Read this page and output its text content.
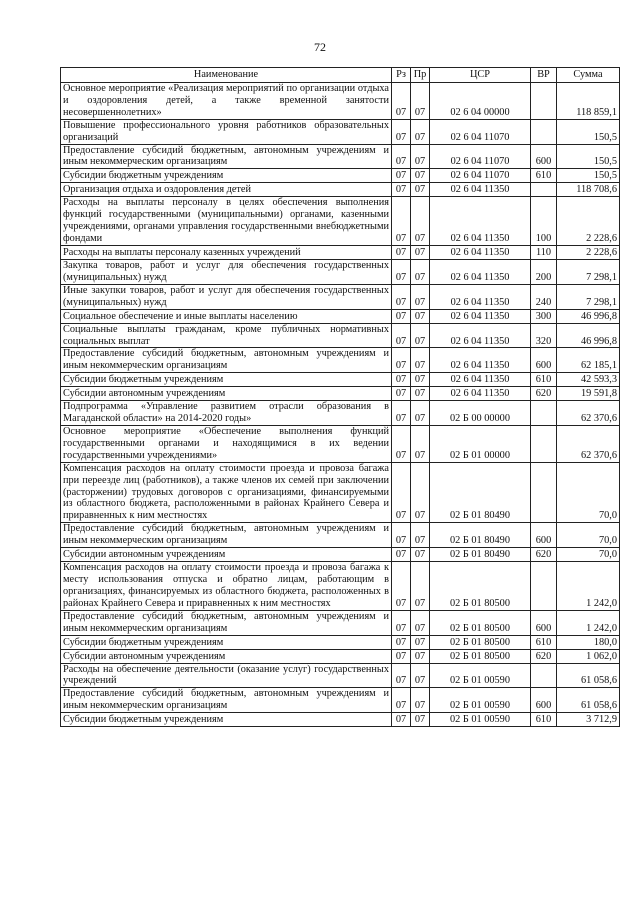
72
Наименование	Рз	Пр	ЦСР	ВР	Сумма
Основное мероприятие «Реализация мероприятий по организации отдыха и оздоровления детей, а также временной занятости несовершеннолетних»	07	07	02 6 04 00000		118 859,1
Повышение профессионального уровня работников образовательных организаций	07	07	02 6 04 11070		150,5
Предоставление субсидий бюджетным, автономным учреждениям и иным некоммерческим организациям	07	07	02 6 04 11070	600	150,5
Субсидии бюджетным учреждениям	07	07	02 6 04 11070	610	150,5
Организация отдыха и оздоровления детей	07	07	02 6 04 11350		118 708,6
Расходы на выплаты персоналу в целях обеспечения выполнения функций государственными (муниципальными) органами, казенными учреждениями, органами управления государственными внебюджетными фондами	07	07	02 6 04 11350	100	2 228,6
Расходы на выплаты персоналу казенных учреждений	07	07	02 6 04 11350	110	2 228,6
Закупка товаров, работ и услуг для обеспечения государственных (муниципальных) нужд	07	07	02 6 04 11350	200	7 298,1
Иные закупки товаров, работ и услуг для обеспечения государственных (муниципальных) нужд	07	07	02 6 04 11350	240	7 298,1
Социальное обеспечение и иные выплаты населению	07	07	02 6 04 11350	300	46 996,8
Социальные выплаты гражданам, кроме публичных нормативных социальных выплат	07	07	02 6 04 11350	320	46 996,8
Предоставление субсидий бюджетным, автономным учреждениям и иным некоммерческим организациям	07	07	02 6 04 11350	600	62 185,1
Субсидии бюджетным учреждениям	07	07	02 6 04 11350	610	42 593,3
Субсидии автономным учреждениям	07	07	02 6 04 11350	620	19 591,8
Подпрограмма «Управление развитием отрасли образования в Магаданской области» на 2014-2020 годы»	07	07	02 Б 00 00000		62 370,6
Основное мероприятие «Обеспечение выполнения функций государственными органами и находящимися в их ведении государственными учреждениями»	07	07	02 Б 01 00000		62 370,6
Компенсация расходов на оплату стоимости проезда и провоза багажа при переезде лиц (работников), а также членов их семей при заключении (расторжении) трудовых договоров с организациями, финансируемыми из областного бюджета, расположенными в районах Крайнего Севера и приравненных к ним местностях	07	07	02 Б 01 80490		70,0
Предоставление субсидий бюджетным, автономным учреждениям и иным некоммерческим организациям	07	07	02 Б 01 80490	600	70,0
Субсидии автономным учреждениям	07	07	02 Б 01 80490	620	70,0
Компенсация расходов на оплату стоимости проезда и провоза багажа к месту использования отпуска и обратно лицам, работающим в организациях, финансируемых из областного бюджета, расположенных в районах Крайнего Севера и приравненных к ним местностях	07	07	02 Б 01 80500		1 242,0
Предоставление субсидий бюджетным, автономным учреждениям и иным некоммерческим организациям	07	07	02 Б 01 80500	600	1 242,0
Субсидии бюджетным учреждениям	07	07	02 Б 01 80500	610	180,0
Субсидии автономным учреждениям	07	07	02 Б 01 80500	620	1 062,0
Расходы на обеспечение деятельности (оказание услуг) государственных учреждений	07	07	02 Б 01 00590		61 058,6
Предоставление субсидий бюджетным, автономным учреждениям и иным некоммерческим организациям	07	07	02 Б 01 00590	600	61 058,6
Субсидии бюджетным учреждениям	07	07	02 Б 01 00590	610	3 712,9
